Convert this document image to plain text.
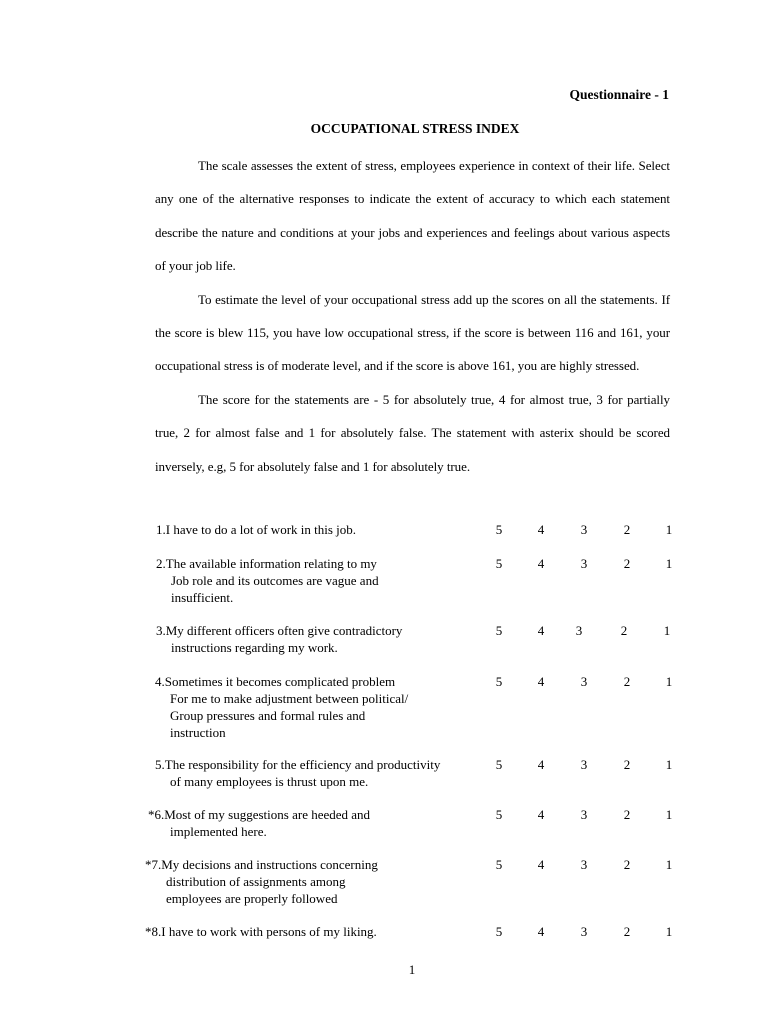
Questionnaire - 1
OCCUPATIONAL STRESS INDEX

The scale assesses the extent of stress, employees experience in context of their life. Select any one of the alternative responses to indicate the extent of accuracy to which each statement describe the nature and conditions at your jobs and experiences and feelings about various aspects of your job life.

To estimate the level of your occupational stress add up the scores on all the statements. If the score is blew 115, you have low occupational stress, if the score is between 116 and 161, your occupational stress is of moderate level, and if the score is above 161, you are highly stressed.

The score for the statements are - 5 for absolutely true, 4 for almost true, 3 for partially true, 2 for almost false and 1 for absolutely false. The statement with asterix should be scored inversely, e.g, 5 for absolutely false and 1 for absolutely true.

1.I have to do a lot of work in this job.	5	4	3	2	1
2.The available information relating to my
Job role and its outcomes are vague and
insufficient.
5	4	3	2	1
3.My different officers often give contradictory
instructions regarding my work.
5	4 3	2	1
4.Sometimes it becomes complicated problem
For me to make adjustment between political/
Group pressures and formal rules and
instruction
5	4	3	2	1
5.The responsibility for the efficiency and productivity
of many employees is thrust upon me.
5	4	3	2	1
*6.Most of my suggestions are heeded and
implemented here.
5	4	3	2	1
*7.My decisions and instructions concerning
distribution of assignments among
employees are properly followed
5	4	3	2	1
*8.I have to work with persons of my liking.	5	4	3	2	1
1
